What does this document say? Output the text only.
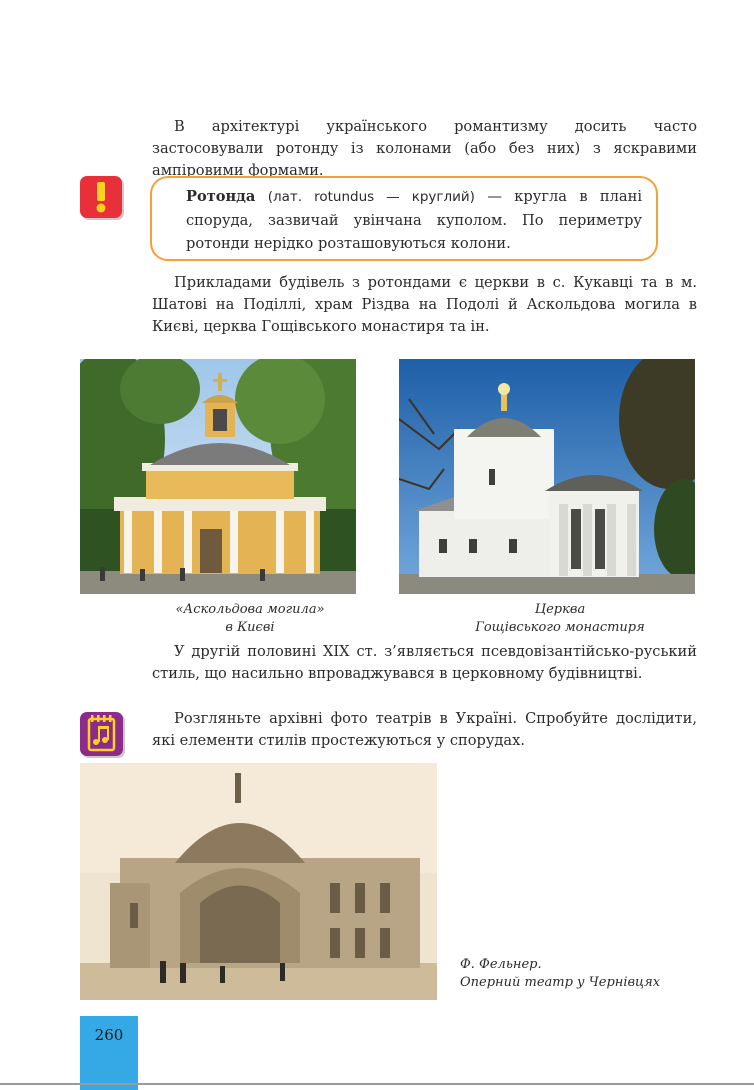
В архітектурі українського романтизму досить часто застосовували ротонду із колонами (або без них) з яскравими ампіровими формами.

Ротонда (лат. rotundus — круглий) — кругла в плані споруда, зазвичай увінчана куполом. По периметру ротонди нерідко розташовуються колони.

Прикладами будівель з ротондами є церкви в с. Кукавці та в м. Шатові на Поділлі, храм Різдва на Подолі й Аскольдова могила в Києві, церква Гощівського монастиря та ін.

«Аскольдова могила»
в Києві
Церква
Гощівського монастиря

У другій половині XIX ст. з’являється псевдовізантійсько-руський стиль, що насильно впроваджувався в церковному будівництві.

Розгляньте архівні фото театрів в Україні. Спробуйте дослідити, які елементи стилів простежуються у спорудах.

Ф. Фельнер.
Оперний театр у Чернівцях
260
